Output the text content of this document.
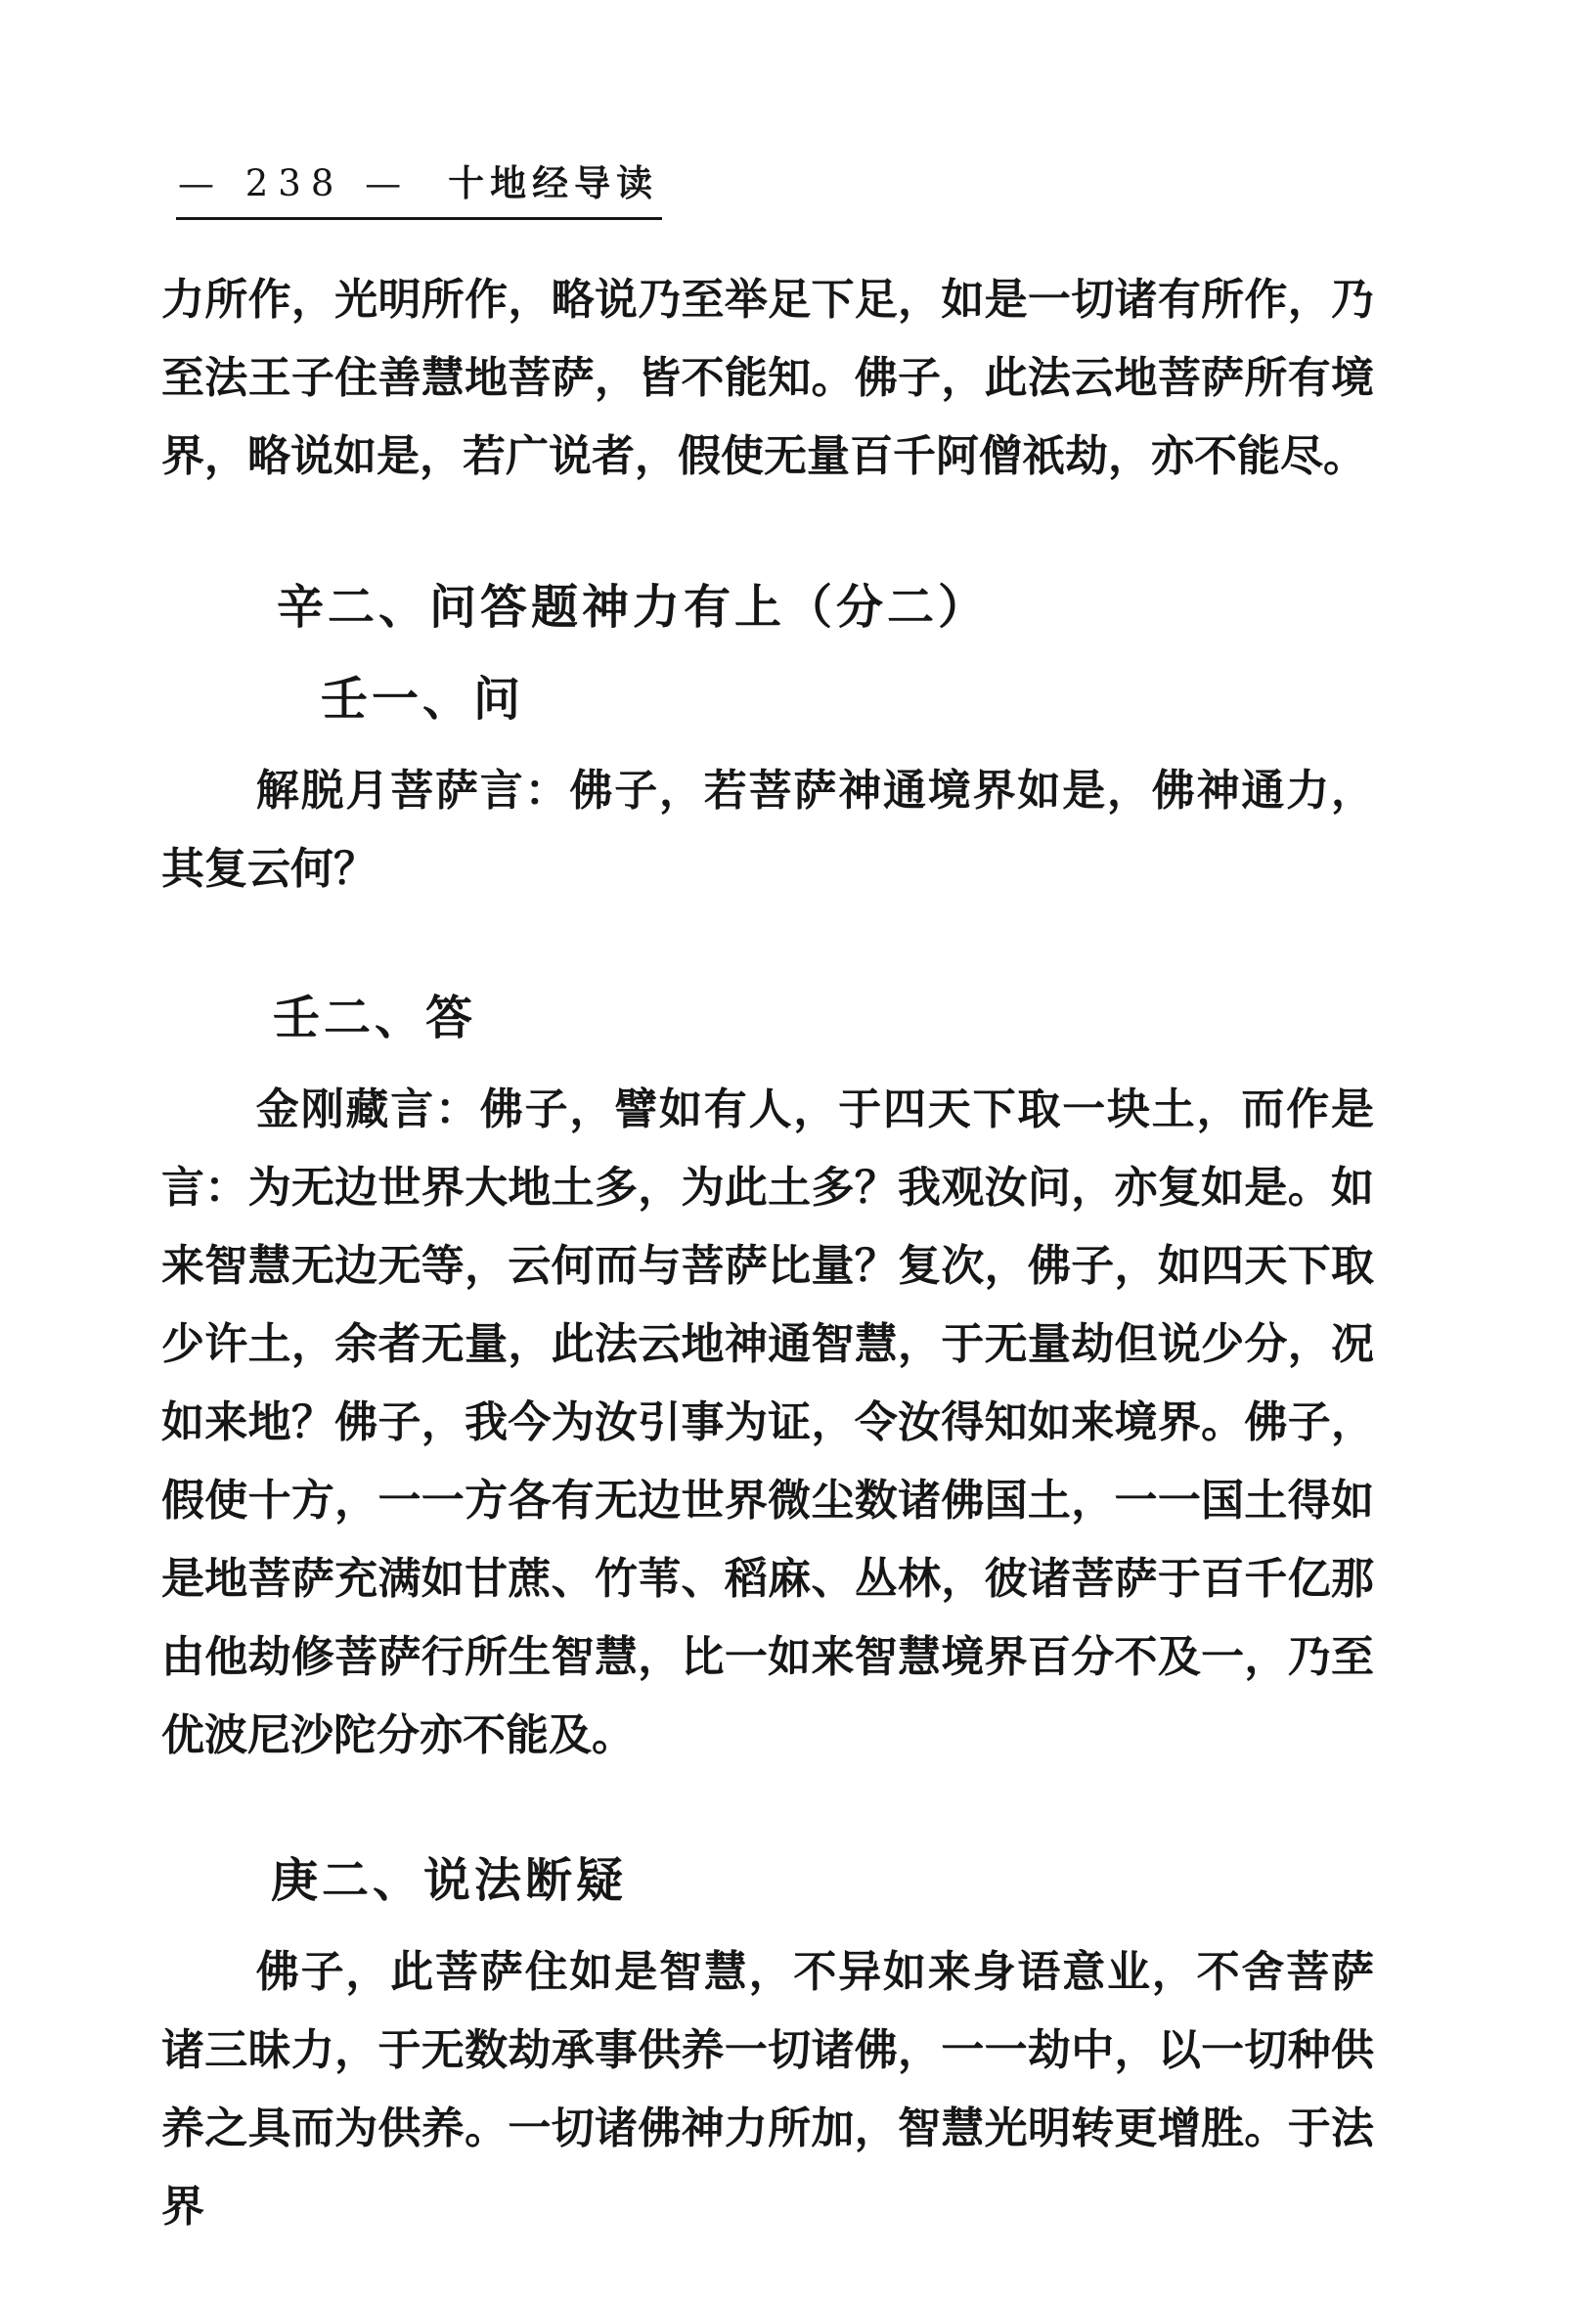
— 238 — 十地经导读
力所作，光明所作，略说乃至举足下足，如是一切诸有所作，乃至法王子住善慧地菩萨，皆不能知。佛子，此法云地菩萨所有境界，略说如是，若广说者，假使无量百千阿僧祇劫，亦不能尽。
辛二、问答题神力有上（分二）
壬一、问
解脱月菩萨言：佛子，若菩萨神通境界如是，佛神通力，其复云何？
壬二、答
金刚藏言：佛子，譬如有人，于四天下取一块土，而作是言：为无边世界大地土多，为此土多？我观汝问，亦复如是。如来智慧无边无等，云何而与菩萨比量？复次，佛子，如四天下取少许土，余者无量，此法云地神通智慧，于无量劫但说少分，况如来地？佛子，我今为汝引事为证，令汝得知如来境界。佛子，假使十方，一一方各有无边世界微尘数诸佛国土，一一国土得如是地菩萨充满如甘蔗、竹苇、稻麻、丛林，彼诸菩萨于百千亿那由他劫修菩萨行所生智慧，比一如来智慧境界百分不及一，乃至优波尼沙陀分亦不能及。
庚二、说法断疑
佛子，此菩萨住如是智慧，不异如来身语意业，不舍菩萨诸三昧力，于无数劫承事供养一切诸佛，一一劫中，以一切种供养之具而为供养。一切诸佛神力所加，智慧光明转更增胜。于法界
